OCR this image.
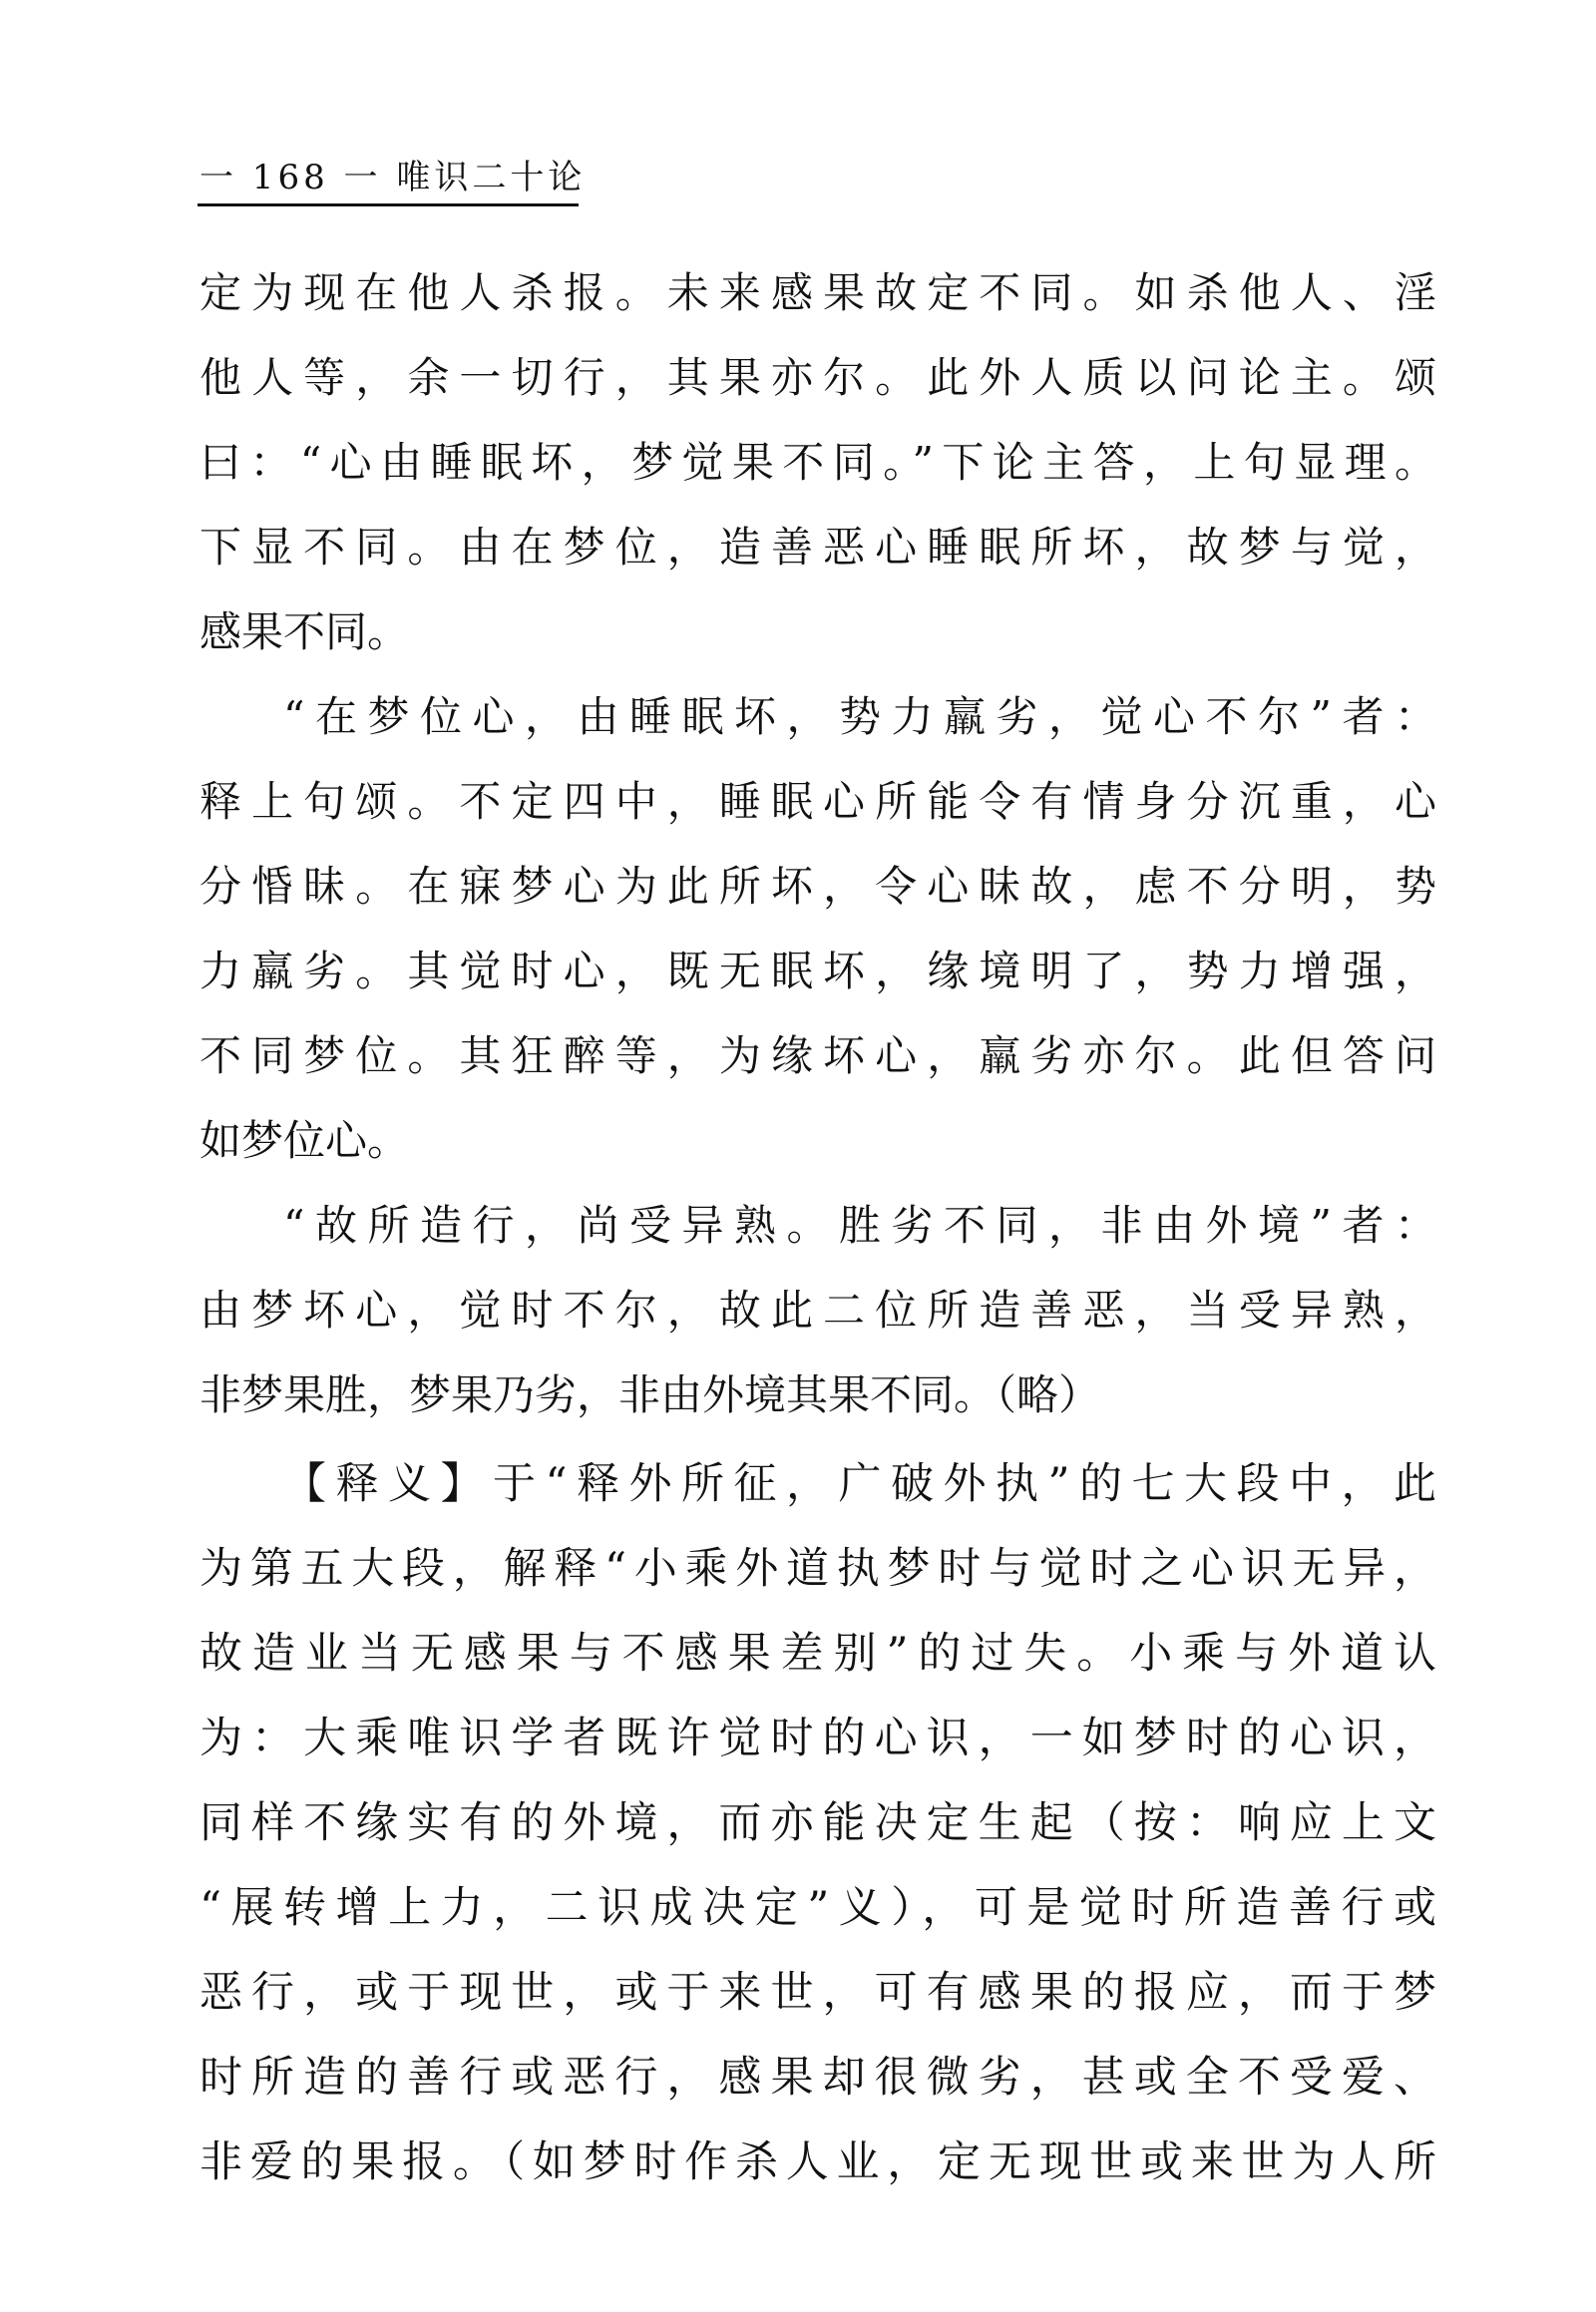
一 168 一 唯识二十论
定为现在他人杀报。未来感果故定不同。如杀他人、淫
他人等，余一切行，其果亦尔。此外人质以问论主。颂
曰：“心由睡眠坏，梦觉果不同。”下论主答，上句显理。
下显不同。由在梦位，造善恶心睡眠所坏，故梦与觉，
感果不同。
“在梦位心，由睡眠坏，势力羸劣，觉心不尔”者：
释上句颂。不定四中，睡眠心所能令有情身分沉重，心
分惛昧。在寐梦心为此所坏，令心昧故，虑不分明，势
力羸劣。其觉时心，既无眠坏，缘境明了，势力增强，
不同梦位。其狂醉等，为缘坏心，羸劣亦尔。此但答问
如梦位心。
“故所造行，尚受异熟。胜劣不同，非由外境”者：
由梦坏心，觉时不尔，故此二位所造善恶，当受异熟，
非梦果胜，梦果乃劣，非由外境其果不同。（略）
【释义】于“释外所征，广破外执”的七大段中，此
为第五大段，解释“小乘外道执梦时与觉时之心识无异，
故造业当无感果与不感果差别”的过失。小乘与外道认
为：大乘唯识学者既许觉时的心识，一如梦时的心识，
同样不缘实有的外境，而亦能决定生起（按：响应上文
“展转增上力，二识成决定”义），可是觉时所造善行或
恶行，或于现世，或于来世，可有感果的报应，而于梦
时所造的善行或恶行，感果却很微劣，甚或全不受爱、
非爱的果报。（如梦时作杀人业，定无现世或来世为人所
